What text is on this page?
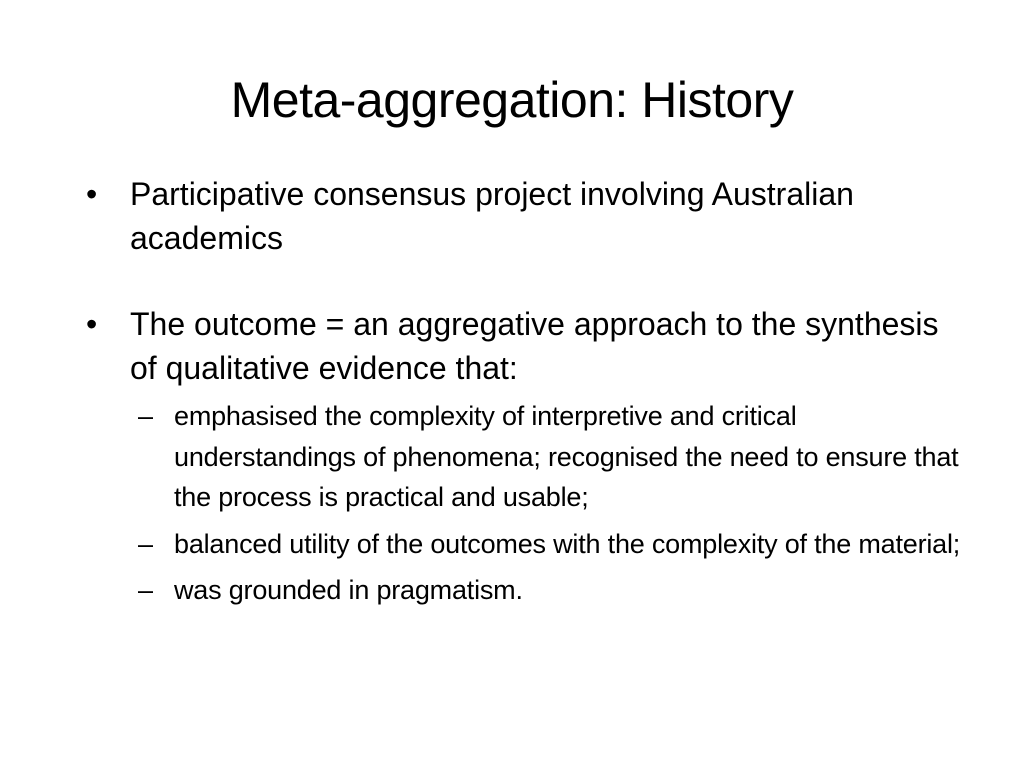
Meta-aggregation: History
• Participative consensus project involving Australian academics
• The outcome = an aggregative approach to the synthesis of qualitative evidence that:
– emphasised the complexity of interpretive and critical understandings of phenomena; recognised the need to ensure that the process is practical and usable;
– balanced utility of the outcomes with the complexity of the material;
– was grounded in pragmatism.
